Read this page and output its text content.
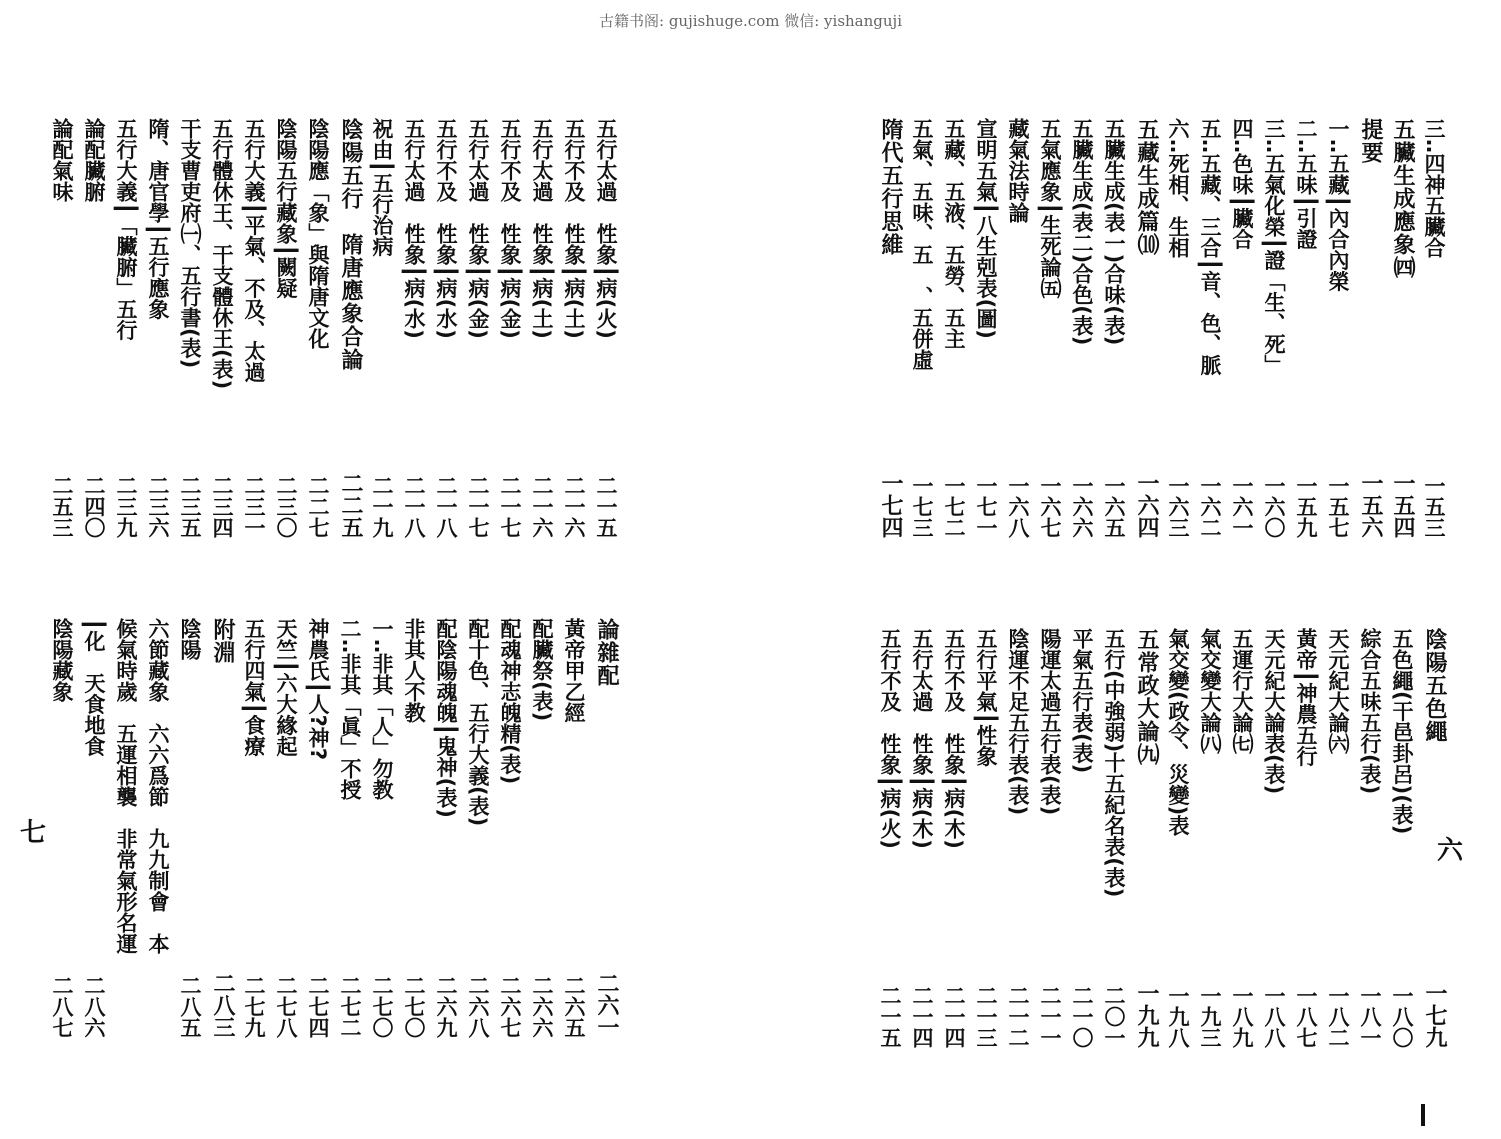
古籍书阁: gujishuge.com 微信: yishanguji
三‥四神五臟合
一五三
五臟生成應象㈣
一五四
提要
一五六
一‥五藏┃內合內榮
一五七
二‥五味┃引證
一五九
三‥五氣化榮┃證「生、死」
一六〇
四‥色味┃臟合
一六一
五‥五藏、三合┃音、色、脈
一六二
六‥死相、生相
一六三
五藏生成篇⑽
一六四
五臟生成(表一)合味(表)
一六五
五臟生成(表二)合色(表)
一六六
五氣應象┃生死論㈤
一六七
藏氣法時論
一六八
宣明五氣┃八生剋表(圖)
一七一
五藏、五液、五勞、五主
一七二
五氣、五味、五　、五併虛
一七三
隋代五行思維
一七四
陰陽五色繩
一七九
五色繩(干邑卦呂)(表)
一八〇
綜合五味五行(表)
一八一
天元紀大論㈥
一八二
黃帝┃神農五行
一八七
天元紀大論表(表)
一八八
五運行大論㈦
一八九
氣交變大論㈧
一九三
氣交變(政令、災變)表
一九八
五常政大論㈨
一九九
五行(中強弱)十五紀名表(表)
二〇一
平氣五行表(表)
二一〇
陽運太過五行表(表)
二一一
陰運不足五行表(表)
二一二
五行平氣┃性象
二一三
五行不及　性象┃病(木)
二一四
五行太過　性象┃病(木)
二一四
五行不及　性象┃病(火)
二一五
五行太過　性象┃病(火)
二一五
五行不及　性象┃病(土)
二一六
五行太過　性象┃病(土)
二一六
五行不及　性象┃病(金)
二一七
五行太過　性象┃病(金)
二一七
五行不及　性象┃病(水)
二一八
五行太過　性象┃病(水)
二一八
祝由┃五行治病
二一九
陰陽五行　隋唐應象合論
二二五
陰陽應「象」與隋唐文化
二二七
陰陽五行藏象┃闕疑
二三〇
五行大義┃平氣、不及、太過
二三一
五行體休王、干支體休王(表)
二三四
干支曹吏府㈠、五行書(表)
二三五
隋、唐官學┃五行應象
二三六
五行大義┃「臟腑」五行
二三九
論配臟腑
二四〇
論配氣味
二五三
論雜配
二六一
黃帝甲乙經
二六五
配臟祭(表)
二六六
配魂神志魄精(表)
二六七
配十色、五行大義(表)
二六八
配陰陽魂魄┃鬼神(表)
二六九
非其人不教
二七〇
一‥非其「人」勿教
二七〇
二‥非其「眞」不授
二七二
神農氏┃人?神?
二七四
天竺┃六大緣起
二七八
五行四氣┃食療
二七九
附淵
二八三
陰陽
二八五
六節藏象　六六爲節　九九制會　本
候氣時歲　五運相襲　非常氣形名運
┃化　天食地食
二八六
陰陽藏象
二八七
六
七
